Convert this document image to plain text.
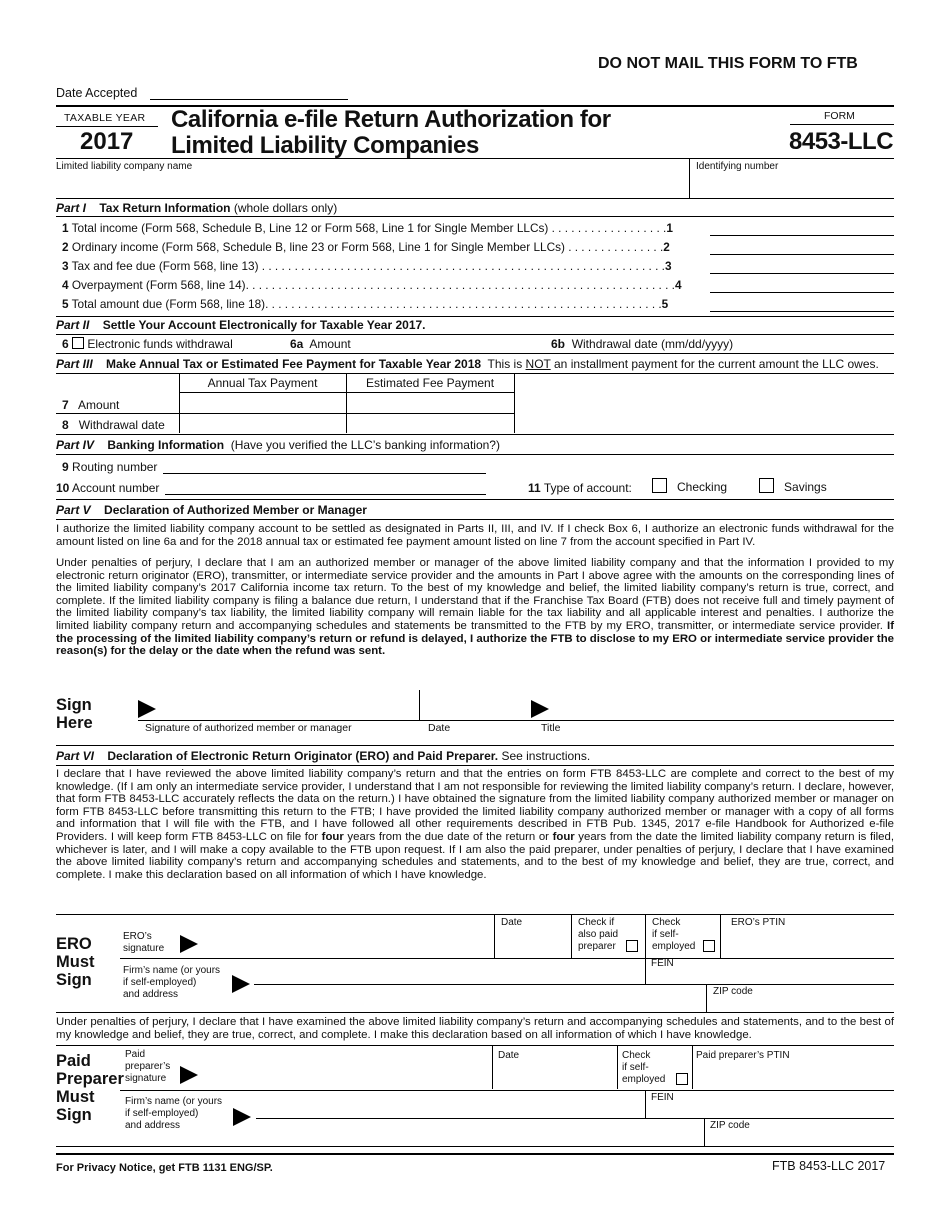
DO NOT MAIL THIS FORM TO FTB
Date Accepted
TAXABLE YEAR
2017
California e-file Return Authorization for
Limited Liability Companies
FORM
8453-LLC
Limited liability company name	Identifying number
Part I Tax Return Information (whole dollars only)
1 Total income (Form 568, Schedule B, Line 12 or Form 568, Line 1 for Single Member LLCs) . . . . . . . . . . . . . . . . . .1
2 Ordinary income (Form 568, Schedule B, line 23 or Form 568, Line 1 for Single Member LLCs) . . . . . . . . . . . . . . .2
3 Tax and fee due (Form 568, line 13) . . . . . . . . . . . . . . . . . . . . . . . . . . . . . . . . . . . . . . . . . . . . . . . . . . . . . . . . . . . . . .3
4 Overpayment (Form 568, line 14). . . . . . . . . . . . . . . . . . . . . . . . . . . . . . . . . . . . . . . . . . . . . . . . . . . . . . . . . . . . . . . . . .4
5 Total amount due (Form 568, line 18). . . . . . . . . . . . . . . . . . . . . . . . . . . . . . . . . . . . . . . . . . . . . . . . . . . . . . . . . . . . .5
Part II Settle Your Account Electronically for Taxable Year 2017.
6 Electronic funds withdrawal	6a Amount	6b Withdrawal date (mm/dd/yyyy)
Part III Make Annual Tax or Estimated Fee Payment for Taxable Year 2018 This is NOT an installment payment for the current amount the LLC owes.
Annual Tax Payment	Estimated Fee Payment
7 Amount
8 Withdrawal date
Part IV Banking Information (Have you verified the LLC’s banking information?)
9 Routing number
10 Account number	11 Type of account:	Checking	Savings
Part V Declaration of Authorized Member or Manager
I authorize the limited liability company account to be settled as designated in Parts II, III, and IV. If I check Box 6, I authorize an electronic funds withdrawal for the amount listed on line 6a and for the 2018 annual tax or estimated fee payment amount listed on line 7 from the account specified in Part IV.
Under penalties of perjury, I declare that I am an authorized member or manager of the above limited liability company and that the information I provided to my electronic return originator (ERO), transmitter, or intermediate service provider and the amounts in Part I above agree with the amounts on the corresponding lines of the limited liability company’s 2017 California income tax return. To the best of my knowledge and belief, the limited liability company’s return is true, correct, and complete. If the limited liability company is filing a balance due return, I understand that if the Franchise Tax Board (FTB) does not receive full and timely payment of the limited liability company’s tax liability, the limited liability company will remain liable for the tax liability and all applicable interest and penalties. I authorize the limited liability company return and accompanying schedules and statements be transmitted to the FTB by my ERO, transmitter, or intermediate service provider. If the processing of the limited liability company’s return or refund is delayed, I authorize the FTB to disclose to my ERO or intermediate service provider the reason(s) for the delay or the date when the refund was sent.
Sign
Here	Signature of authorized member or manager	Date	Title
Part VI Declaration of Electronic Return Originator (ERO) and Paid Preparer. See instructions.
I declare that I have reviewed the above limited liability company’s return and that the entries on form FTB 8453-LLC are complete and correct to the best of my knowledge. (If I am only an intermediate service provider, I understand that I am not responsible for reviewing the limited liability company’s return. I declare, however, that form FTB 8453-LLC accurately reflects the data on the return.) I have obtained the signature from the limited liability company authorized member or manager on form FTB 8453-LLC before transmitting this return to the FTB; I have provided the limited liability company authorized member or manager with a copy of all forms and information that I will file with the FTB, and I have followed all other requirements described in FTB Pub. 1345, 2017 e-file Handbook for Authorized e-file Providers. I will keep form FTB 8453-LLC on file for four years from the due date of the return or four years from the date the limited liability company return is filed, whichever is later, and I will make a copy available to the FTB upon request. If I am also the paid preparer, under penalties of perjury, I declare that I have examined the above limited liability company’s return and accompanying schedules and statements, and to the best of my knowledge and belief, they are true, correct, and complete. I make this declaration based on all information of which I have knowledge.
ERO
Must
Sign
ERO’s
signature
Date	Check if
also paid
preparer
Check
if self-
employed
ERO’s PTIN
FEIN
Firm’s name (or yours
if self-employed)
and address	ZIP code
Under penalties of perjury, I declare that I have examined the above limited liability company’s return and accompanying schedules and statements, and to the best of my knowledge and belief, they are true, correct, and complete. I make this declaration based on all information of which I have knowledge.
Paid
Preparer
Must
Sign
Paid
preparer’s
signature
Date	Check
if self-
employed
Paid preparer’s PTIN
FEIN
Firm’s name (or yours
if self-employed)
and address	ZIP code
For Privacy Notice, get FTB 1131 ENG/SP.	FTB 8453-LLC 2017
